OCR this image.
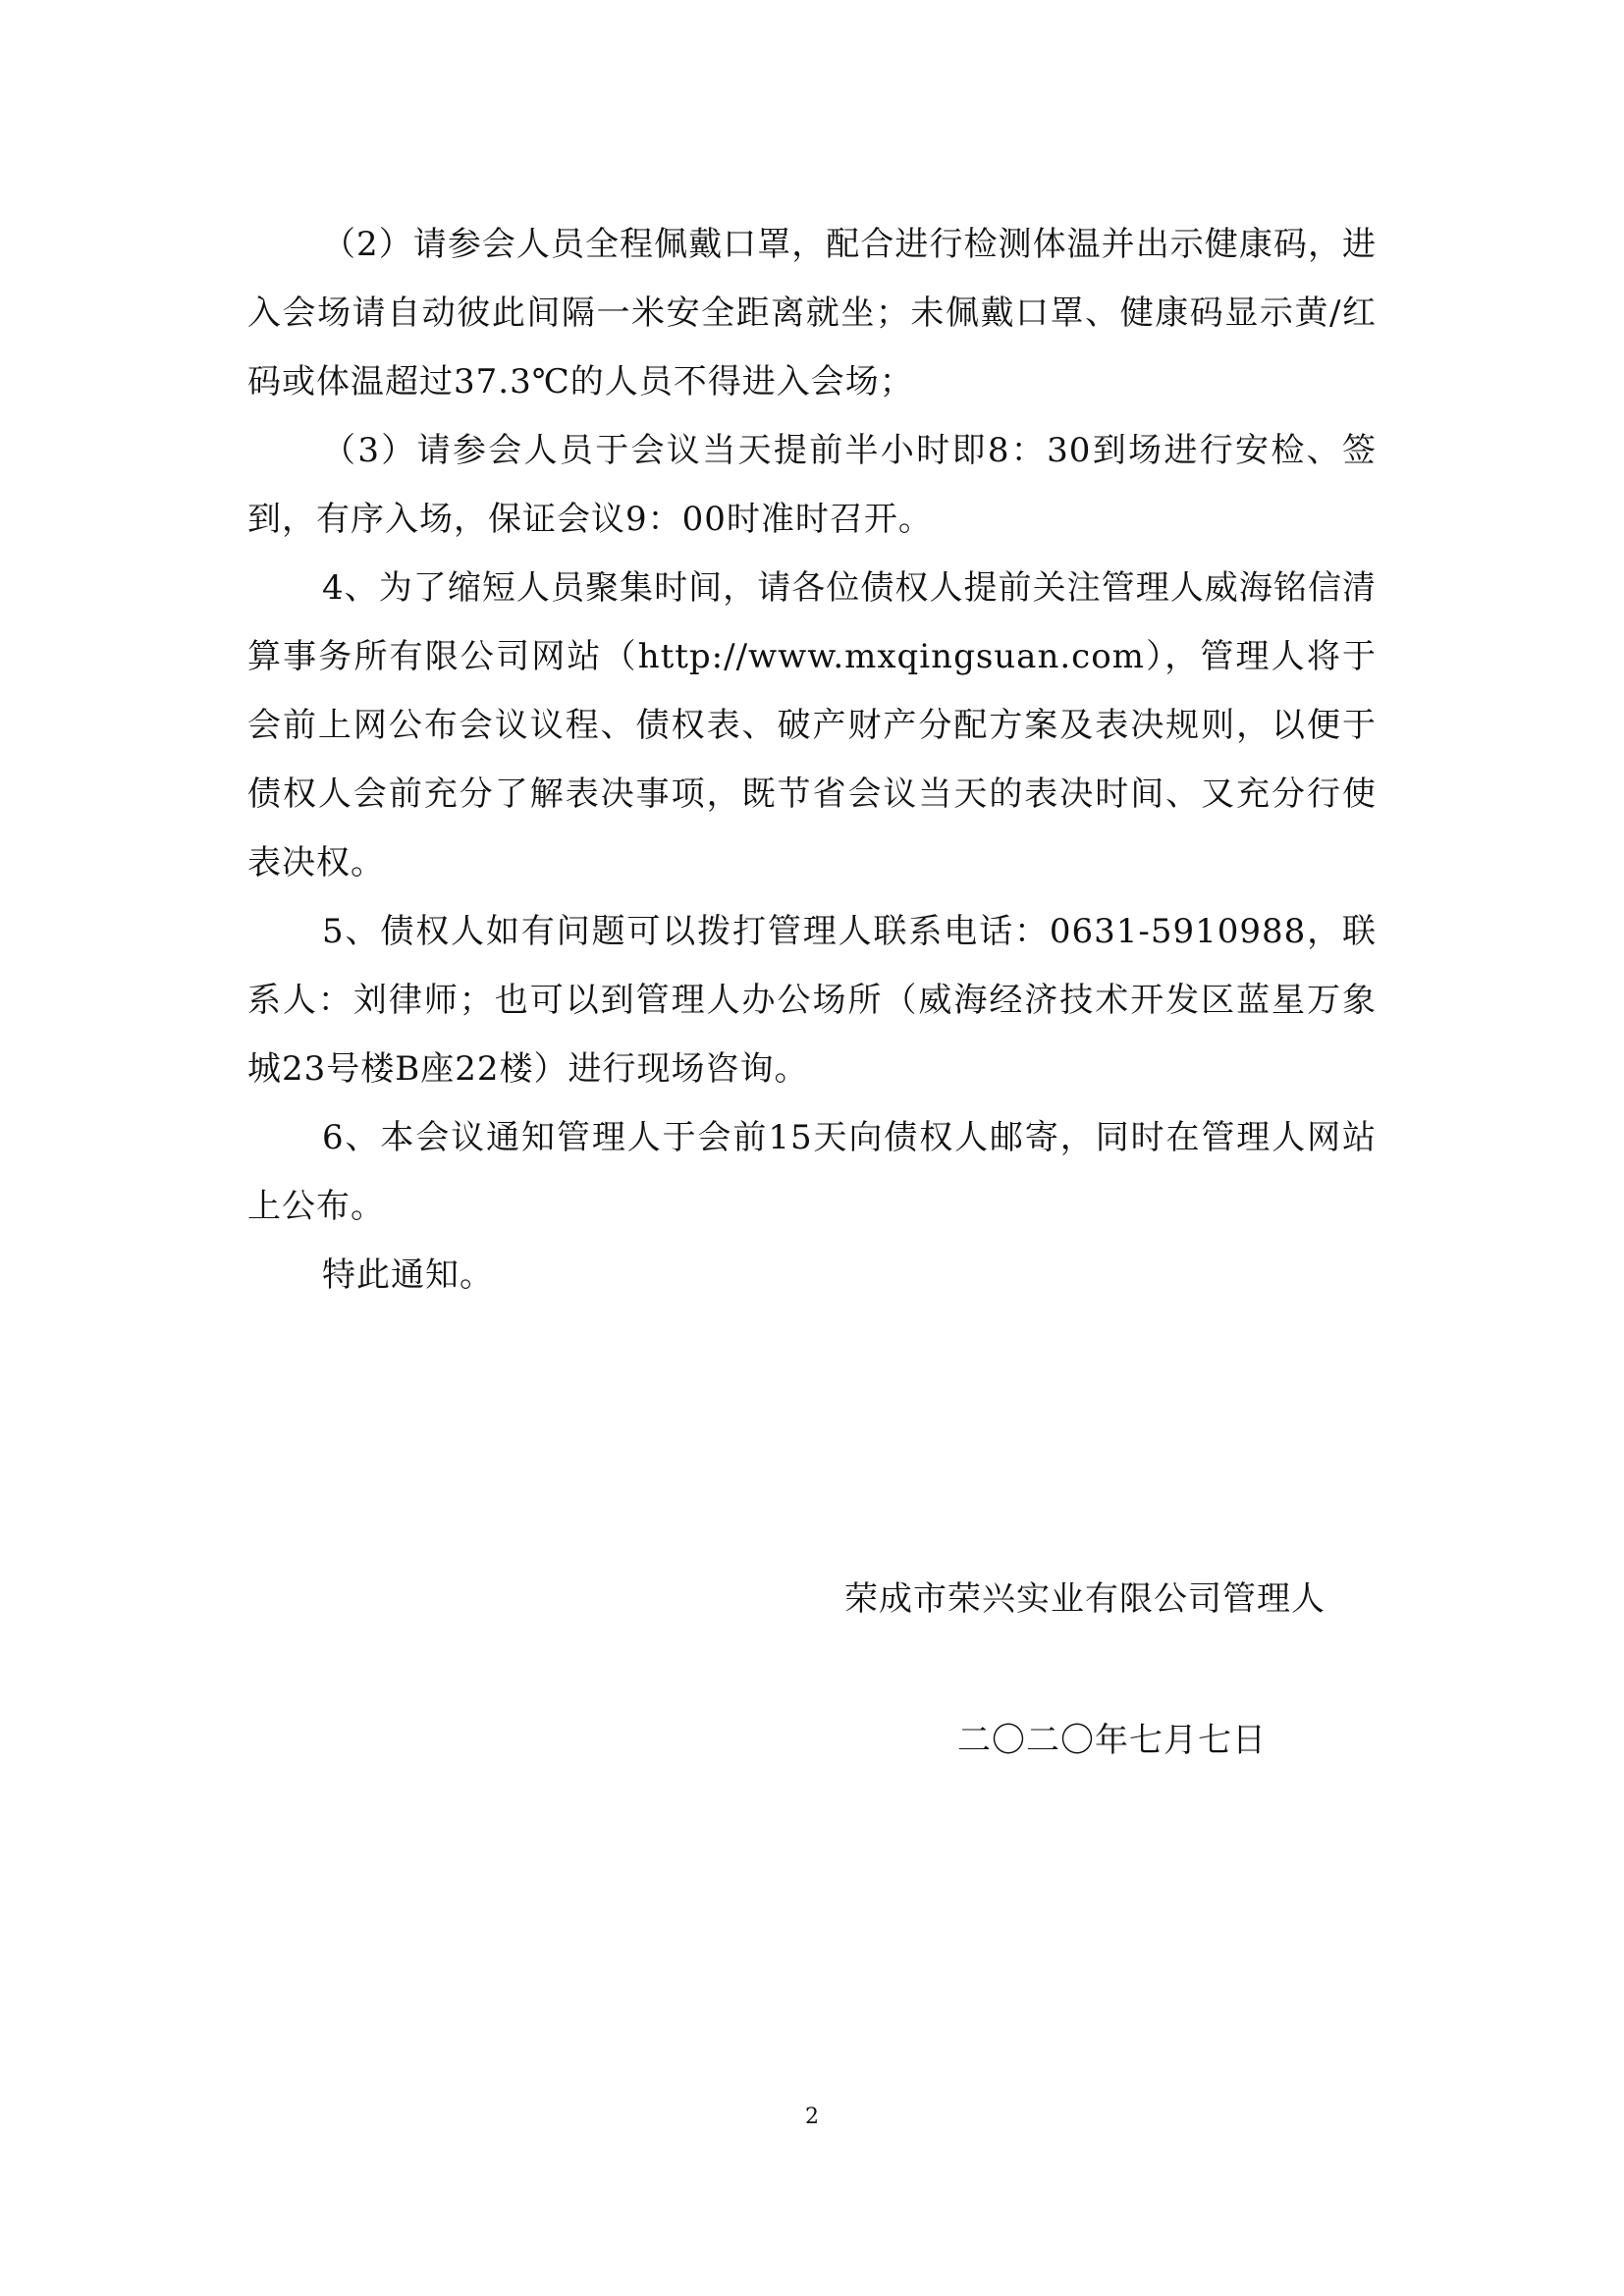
（2）请参会人员全程佩戴口罩，配合进行检测体温并出示健康码，进入会场请自动彼此间隔一米安全距离就坐；未佩戴口罩、健康码显示黄/红码或体温超过37.3℃的人员不得进入会场；

（3）请参会人员于会议当天提前半小时即8：30到场进行安检、签到，有序入场，保证会议9：00时准时召开。

4、为了缩短人员聚集时间，请各位债权人提前关注管理人威海铭信清算事务所有限公司网站（http://www.mxqingsuan.com），管理人将于会前上网公布会议议程、债权表、破产财产分配方案及表决规则，以便于债权人会前充分了解表决事项，既节省会议当天的表决时间、又充分行使表决权。

5、债权人如有问题可以拨打管理人联系电话：0631-5910988，联系人：刘律师；也可以到管理人办公场所（威海经济技术开发区蓝星万象城23号楼B座22楼）进行现场咨询。

6、本会议通知管理人于会前15天向债权人邮寄，同时在管理人网站上公布。

特此通知。

荣成市荣兴实业有限公司管理人
二〇二〇年七月七日
2
